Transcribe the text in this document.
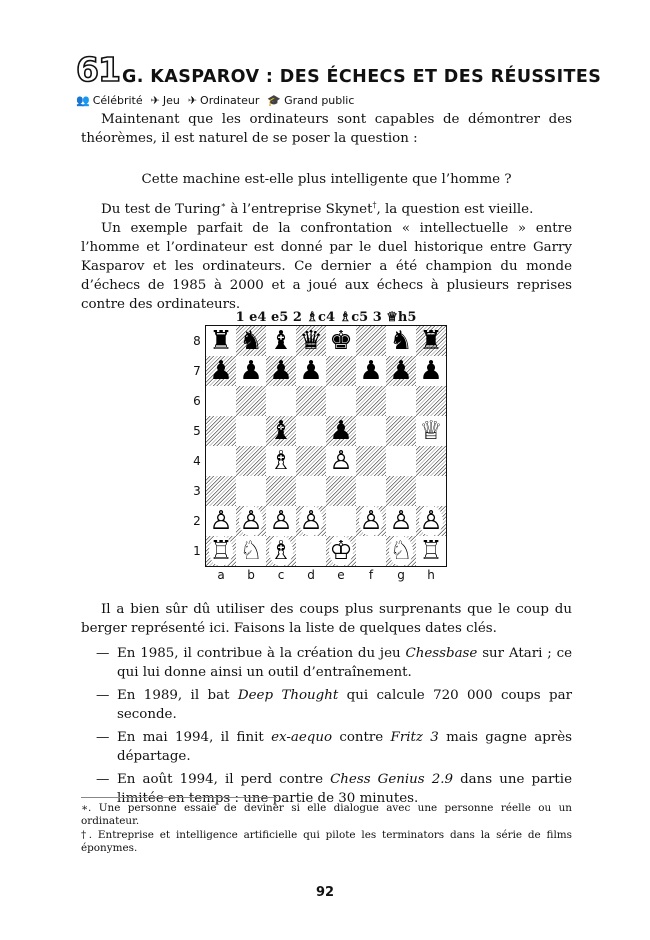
61 G. KASPAROV : DES ÉCHECS ET DES RÉUSSITES
👥 Célébrité ✈ Jeu ✈ Ordinateur 🎓 Grand public

Maintenant que les ordinateurs sont capables de démontrer des théorèmes, il est naturel de se poser la question :

Cette machine est-elle plus intelligente que l’homme ?

Du test de Turing∗ à l’entreprise Skynet†, la question est vieille.

Un exemple parfait de la confrontation « intellectuelle » entre l’homme et l’ordinateur est donné par le duel historique entre Garry Kasparov et les ordinateurs. Ce dernier a été champion du monde d’échecs de 1985 à 2000 et a joué aux échecs à plusieurs reprises contre des ordinateurs.

1 e4 e5 2 ♗c4 ♗c5 3 ♕h5
♜ ♞ ♝ ♛ ♚ ♞ ♜
♟ ♟ ♟ ♟ ♟ ♟ ♟
♝ ♟	♕
♗ ♙
♙ ♙ ♙ ♙ ♙ ♙ ♙
♖ ♘ ♗ ♔ ♘ ♖
8
7
6
5
4
3
2
1
a	b	c	d	e	f	g	h

Il a bien sûr dû utiliser des coups plus surprenants que le coup du berger représenté ici. Faisons la liste de quelques dates clés.

— En 1985, il contribue à la création du jeu Chessbase sur Atari ; ce qui lui donne ainsi un outil d’entraînement.
— En 1989, il bat Deep Thought qui calcule 720 000 coups par seconde.
— En mai 1994, il finit ex-aequo contre Fritz 3 mais gagne après départage.
— En août 1994, il perd contre Chess Genius 2.9 dans une partie limitée en temps : une partie de 30 minutes.
∗. Une personne essaie de deviner si elle dialogue avec une personne réelle ou un ordinateur.
†. Entreprise et intelligence artificielle qui pilote les terminators dans la série de films éponymes.
92
